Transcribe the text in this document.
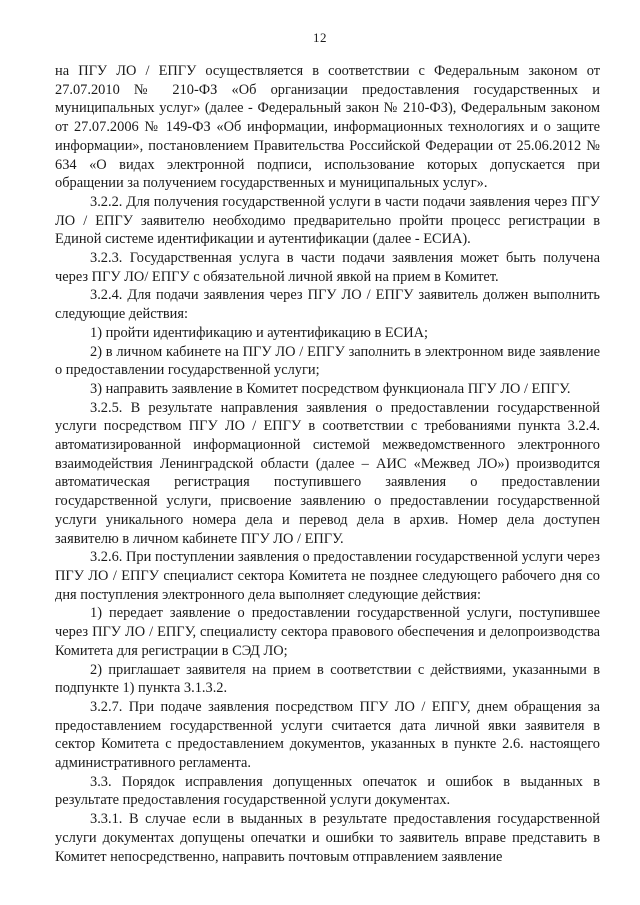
12

на ПГУ ЛО / ЕПГУ осуществляется в соответствии с Федеральным законом от 27.07.2010 № 210-ФЗ «Об организации предоставления государственных и муниципальных услуг» (далее - Федеральный закон № 210-ФЗ), Федеральным законом от 27.07.2006 № 149-ФЗ «Об информации, информационных технологиях и о защите информации», постановлением Правительства Российской Федерации от 25.06.2012 № 634 «О видах электронной подписи, использование которых допускается при обращении за получением государственных и муниципальных услуг».

3.2.2. Для получения государственной услуги в части подачи заявления через ПГУ ЛО / ЕПГУ заявителю необходимо предварительно пройти процесс регистрации в Единой системе идентификации и аутентификации (далее - ЕСИА).

3.2.3. Государственная услуга в части подачи заявления может быть получена через ПГУ ЛО/ ЕПГУ с обязательной личной явкой на прием в Комитет.

3.2.4. Для подачи заявления через ПГУ ЛО / ЕПГУ заявитель должен выполнить следующие действия:

1) пройти идентификацию и аутентификацию в ЕСИА;

2) в личном кабинете на ПГУ ЛО / ЕПГУ заполнить в электронном виде заявление о предоставлении государственной услуги;

3) направить заявление в Комитет посредством функционала ПГУ ЛО / ЕПГУ.

3.2.5. В результате направления заявления о предоставлении государственной услуги посредством ПГУ ЛО / ЕПГУ в соответствии с требованиями пункта 3.2.4. автоматизированной информационной системой межведомственного электронного взаимодействия Ленинградской области (далее – АИС «Межвед ЛО») производится автоматическая регистрация поступившего заявления о предоставлении государственной услуги, присвоение заявлению о предоставлении государственной услуги уникального номера дела и перевод дела в архив. Номер дела доступен заявителю в личном кабинете ПГУ ЛО / ЕПГУ.

3.2.6. При поступлении заявления о предоставлении государственной услуги через ПГУ ЛО / ЕПГУ специалист сектора Комитета не позднее следующего рабочего дня со дня поступления электронного дела выполняет следующие действия:

1) передает заявление о предоставлении государственной услуги, поступившее через ПГУ ЛО / ЕПГУ, специалисту сектора правового обеспечения и делопроизводства Комитета для регистрации в СЭД ЛО;

2) приглашает заявителя на прием в соответствии с действиями, указанными в подпункте 1) пункта 3.1.3.2.

3.2.7. При подаче заявления посредством ПГУ ЛО / ЕПГУ, днем обращения за предоставлением государственной услуги считается дата личной явки заявителя в сектор Комитета с предоставлением документов, указанных в пункте 2.6. настоящего административного регламента.

3.3. Порядок исправления допущенных опечаток и ошибок в выданных в результате предоставления государственной услуги документах.

3.3.1. В случае если в выданных в результате предоставления государственной услуги документах допущены опечатки и ошибки то заявитель вправе представить в Комитет непосредственно, направить почтовым отправлением заявление
